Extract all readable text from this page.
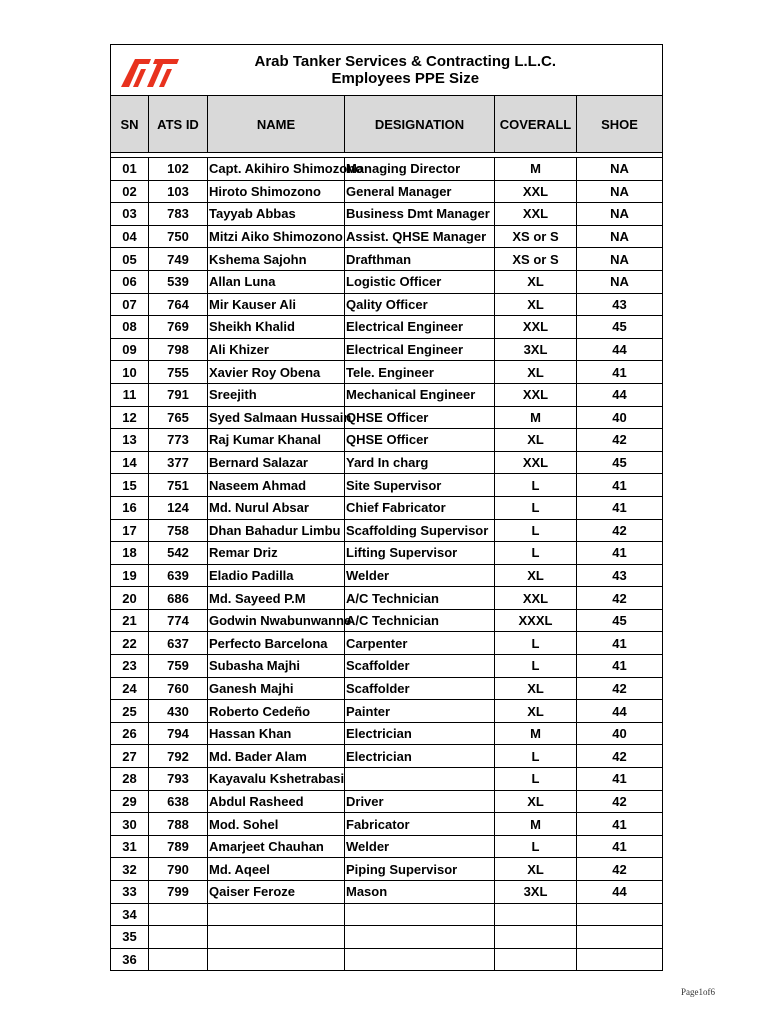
Arab Tanker Services & Contracting L.L.C.
Employees PPE Size				

SN	ATS ID	NAME	DESIGNATION	COVERALL	SHOE

01	102	Capt. Akihiro Shimozono	Managing Director	M	NA
02	103	Hiroto Shimozono	General Manager	XXL	NA
03	783	Tayyab Abbas	Business Dmt Manager	XXL	NA
04	750	Mitzi Aiko Shimozono	Assist. QHSE Manager	XS or S	NA
05	749	Kshema Sajohn	Drafthman	XS or S	NA
06	539	Allan Luna	Logistic Officer	XL	NA
07	764	Mir Kauser Ali	Qality Officer	XL	43
08	769	Sheikh Khalid	Electrical Engineer	XXL	45
09	798	Ali Khizer	Electrical Engineer	3XL	44
10	755	Xavier Roy Obena	Tele. Engineer	XL	41
11	791	Sreejith	Mechanical Engineer	XXL	44
12	765	Syed Salmaan Hussain	QHSE Officer	M	40
13	773	Raj Kumar Khanal	QHSE Officer	XL	42
14	377	Bernard Salazar	Yard In charg	XXL	45
15	751	Naseem Ahmad	Site Supervisor	L	41
16	124	Md. Nurul Absar	Chief Fabricator	L	41
17	758	Dhan Bahadur Limbu	Scaffolding Supervisor	L	42
18	542	Remar Driz	Lifting Supervisor	L	41
19	639	Eladio Padilla	Welder	XL	43
20	686	Md. Sayeed P.M	A/C Technician	XXL	42
21	774	Godwin Nwabunwanne	A/C Technician	XXXL	45
22	637	Perfecto Barcelona	Carpenter	L	41
23	759	Subasha Majhi	Scaffolder	L	41
24	760	Ganesh Majhi	Scaffolder	XL	42
25	430	Roberto Cedeño	Painter	XL	44
26	794	Hassan Khan	Electrician	M	40
27	792	Md. Bader Alam	Electrician	L	42
28	793	Kayavalu Kshetrabasi		L	41
29	638	Abdul Rasheed	Driver	XL	42
30	788	Mod. Sohel	Fabricator	M	41
31	789	Amarjeet Chauhan	Welder	L	41
32	790	Md. Aqeel	Piping Supervisor	XL	42
33	799	Qaiser Feroze	Mason	3XL	44
34					
35					
36					
Page1of6
